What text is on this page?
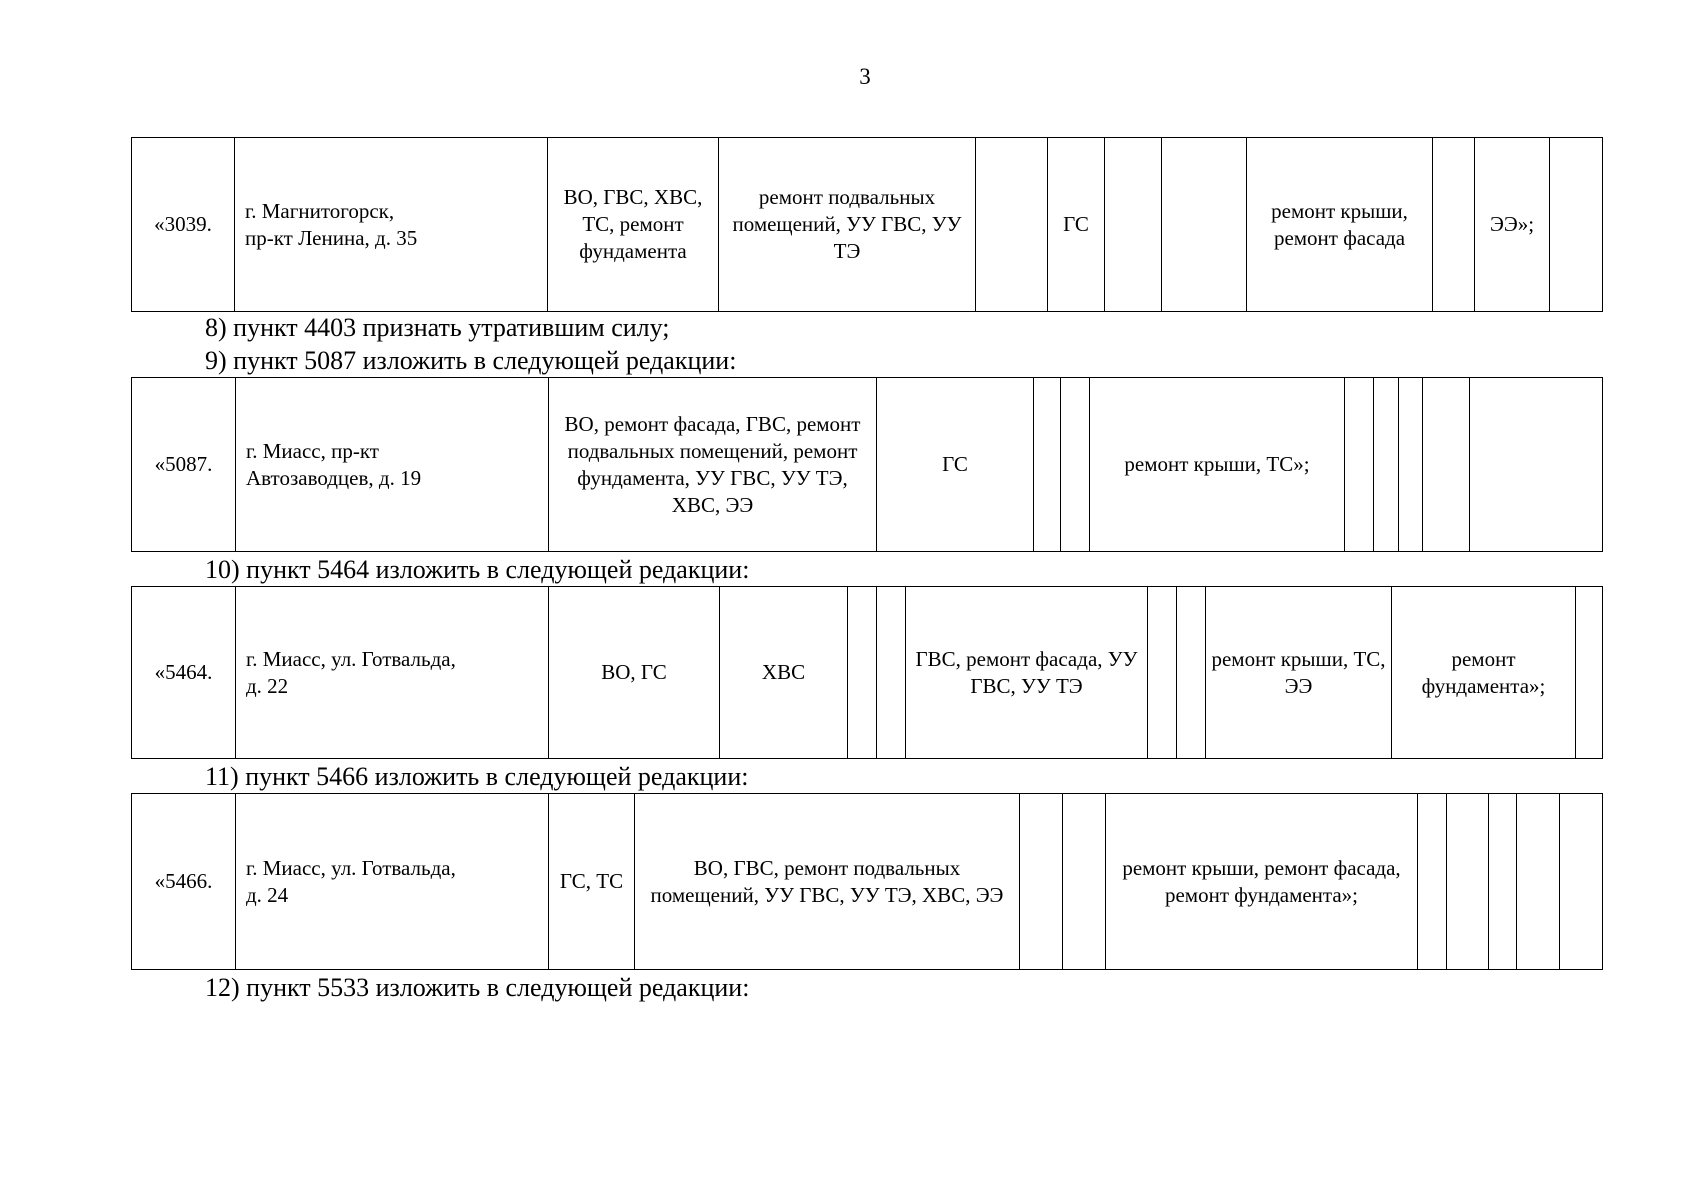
3
«3039.	г. Магнитогорск,
пр-кт Ленина, д. 35	ВО, ГВС, ХВС, ТС, ремонт фундамента	ремонт подвальных помещений, УУ ГВС, УУ ТЭ		ГС			ремонт крыши, ремонт фасада		ЭЭ»;	
8) пункт 4403 признать утратившим силу;
9) пункт 5087 изложить в следующей редакции:
«5087.	г. Миасс, пр-кт
Автозаводцев, д. 19	ВО, ремонт фасада, ГВС, ремонт подвальных помещений, ремонт фундамента, УУ ГВС, УУ ТЭ, ХВС, ЭЭ	ГС			ремонт крыши, ТС»;					
10) пункт 5464 изложить в следующей редакции:
«5464.	г. Миасс, ул. Готвальда,
д. 22	ВО, ГС	ХВС			ГВС, ремонт фасада, УУ ГВС, УУ ТЭ			ремонт крыши, ТС, ЭЭ	ремонт фундамента»;	
11) пункт 5466 изложить в следующей редакции:
«5466.	г. Миасс, ул. Готвальда,
д. 24	ГС, ТС	ВО, ГВС, ремонт подвальных помещений, УУ ГВС, УУ ТЭ, ХВС, ЭЭ			ремонт крыши, ремонт фасада, ремонт фундамента»;					
12) пункт 5533 изложить в следующей редакции:
